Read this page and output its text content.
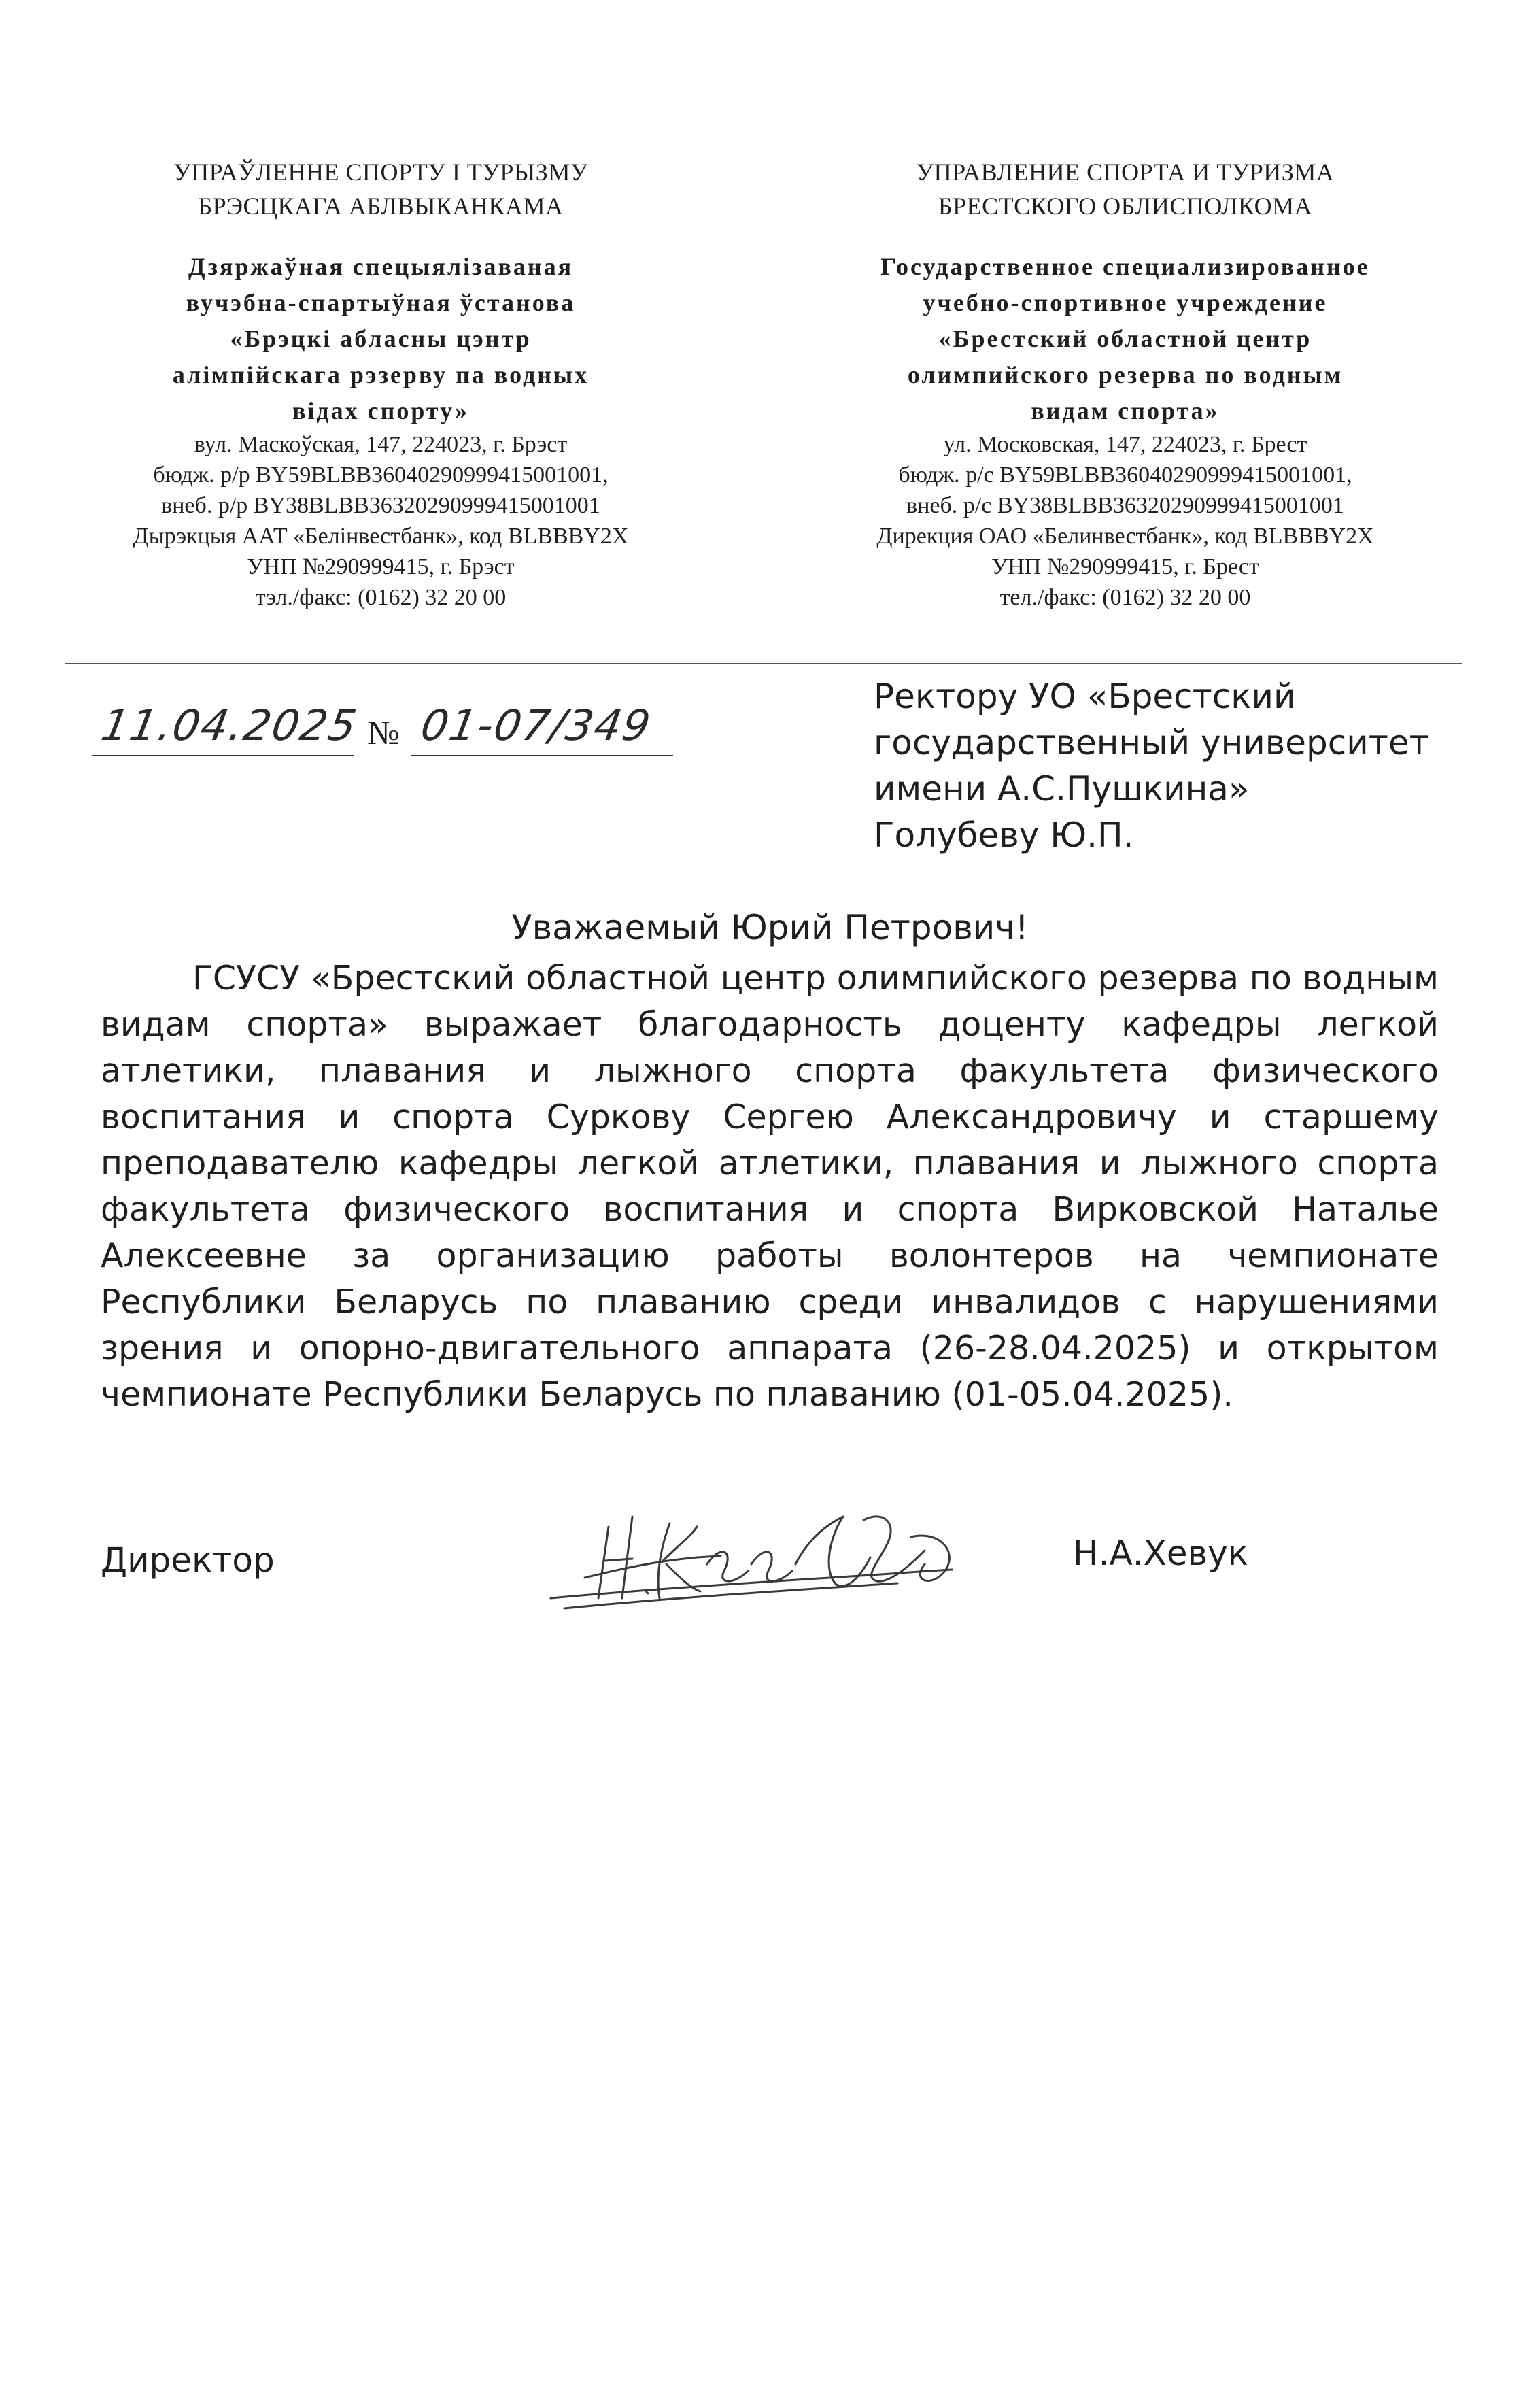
УПРАЎЛЕННЕ СПОРТУ І ТУРЫЗМУ
БРЭСЦКАГА АБЛВЫКАНКАМА
Дзяржаўная спецыялізаваная
вучэбна-спартыўная ўстанова
«Брэцкі абласны цэнтр
алімпійскага рэзерву па водных
відах спорту»
вул. Маскоўская, 147, 224023, г. Брэст
бюдж. р/р BY59BLBB36040290999415001001,
внеб. р/р BY38BLBB36320290999415001001
Дырэкцыя ААТ «Белінвестбанк», код BLBBBY2X
УНП №290999415, г. Брэст
тэл./факс: (0162) 32 20 00
УПРАВЛЕНИЕ СПОРТА И ТУРИЗМА
БРЕСТСКОГО ОБЛИСПОЛКОМА
Государственное специализированное
учебно-спортивное учреждение
«Брестский областной центр
олимпийского резерва по водным
видам спорта»
ул. Московская, 147, 224023, г. Брест
бюдж. р/с BY59BLBB36040290999415001001,
внеб. р/с BY38BLBB36320290999415001001
Дирекция ОАО «Белинвестбанк», код BLBBBY2X
УНП №290999415, г. Брест
тел./факс: (0162) 32 20 00
11.04.2025 № 01-07/349
Ректору УО «Брестский
государственный университет
имени А.С.Пушкина»
Голубеву Ю.П.
Уважаемый Юрий Петрович!
ГСУСУ «Брестский областной центр олимпийского резерва по водным видам спорта» выражает благодарность доценту кафедры легкой атлетики, плавания и лыжного спорта факультета физического воспитания и спорта Суркову Сергею Александровичу и старшему преподавателю кафедры легкой атлетики, плавания и лыжного спорта факультета физического воспитания и спорта Вирковской Наталье Алексеевне за организацию работы волонтеров на чемпионате Республики Беларусь по плаванию среди инвалидов с нарушениями зрения и опорно-двигательного аппарата (26-28.04.2025) и открытом чемпионате Республики Беларусь по плаванию (01-05.04.2025).
Директор	Н.А.Хевук
